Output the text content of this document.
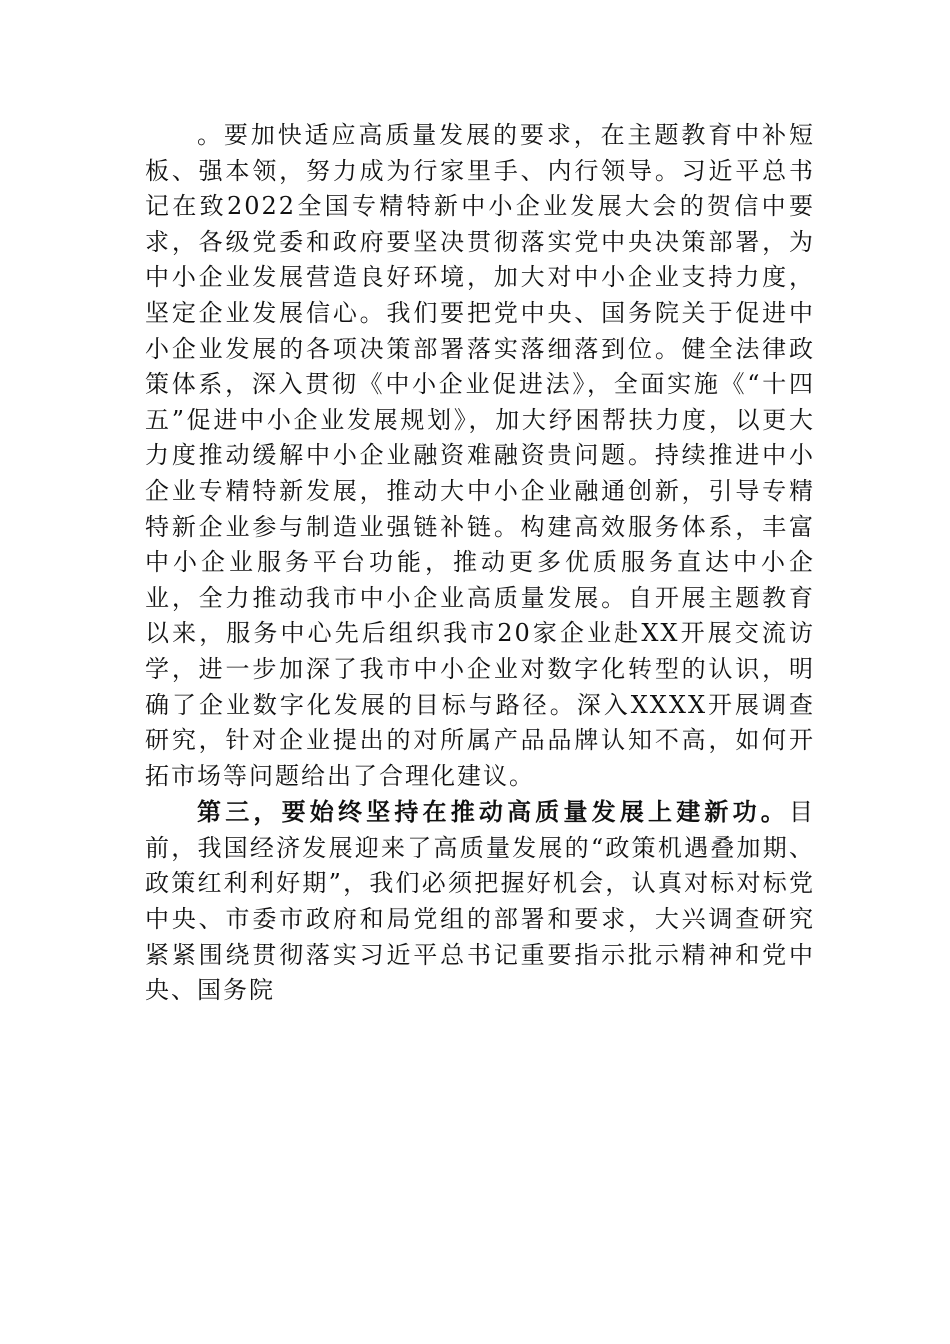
。要加快适应高质量发展的要求，在主题教育中补短板、强本领，努力成为行家里手、内行领导。习近平总书记在致2022全国专精特新中小企业发展大会的贺信中要求，各级党委和政府要坚决贯彻落实党中央决策部署，为中小企业发展营造良好环境，加大对中小企业支持力度，坚定企业发展信心。我们要把党中央、国务院关于促进中小企业发展的各项决策部署落实落细落到位。健全法律政策体系，深入贯彻《中小企业促进法》，全面实施《“十四五”促进中小企业发展规划》，加大纾困帮扶力度，以更大力度推动缓解中小企业融资难融资贵问题。持续推进中小企业专精特新发展，推动大中小企业融通创新，引导专精特新企业参与制造业强链补链。构建高效服务体系，丰富中小企业服务平台功能，推动更多优质服务直达中小企业，全力推动我市中小企业高质量发展。自开展主题教育以来，服务中心先后组织我市20家企业赴XX开展交流访学，进一步加深了我市中小企业对数字化转型的认识，明确了企业数字化发展的目标与路径。深入XXXX开展调查研究，针对企业提出的对所属产品品牌认知不高，如何开拓市场等问题给出了合理化建议。

第三，要始终坚持在推动高质量发展上建新功。目前，我国经济发展迎来了高质量发展的“政策机遇叠加期、政策红利利好期”，我们必须把握好机会，认真对标对标党中央、市委市政府和局党组的部署和要求，大兴调查研究紧紧围绕贯彻落实习近平总书记重要指示批示精神和党中央、国务院
